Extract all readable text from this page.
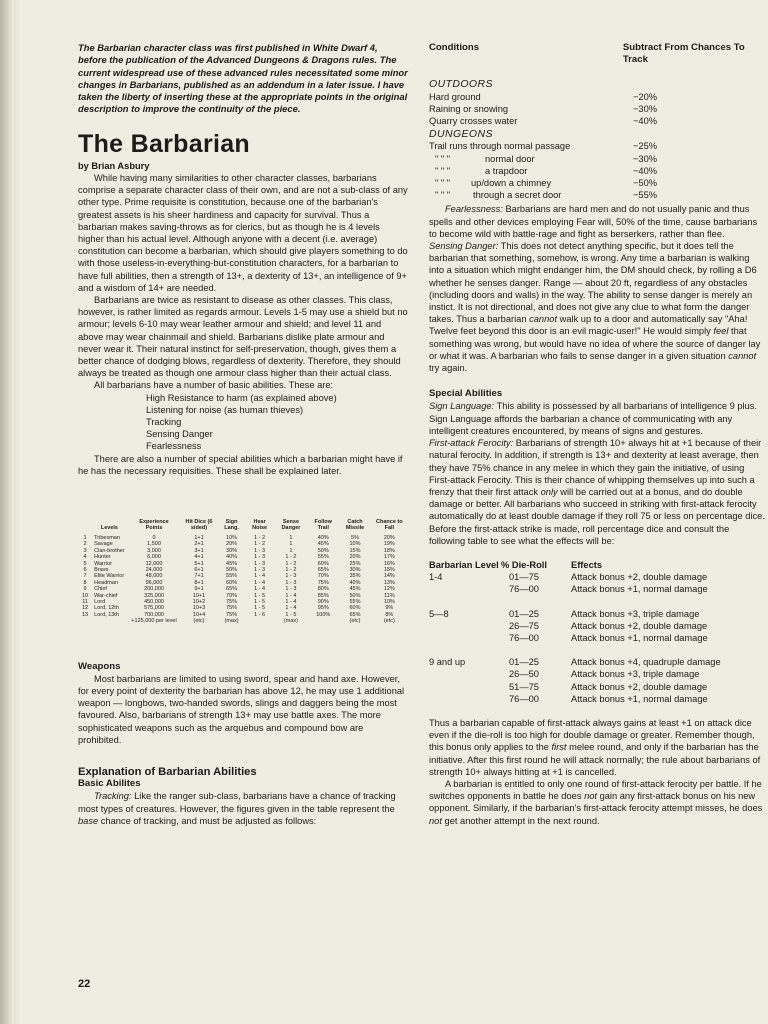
The Barbarian character class was first published in White Dwarf 4, before the publication of the Advanced Dungeons & Dragons rules. The current widespread use of these advanced rules necessitated some minor changes in Barbarians, published as an addendum in a later issue. I have taken the liberty of inserting these at the appropriate points in the original description to improve the continuity of the piece.

The Barbarian

by Brian Asbury

While having many similarities to other character classes, barbarians comprise a separate character class of their own, and are not a sub-class of any other type. Prime requisite is constitution, because one of the barbarian's greatest assets is his sheer hardiness and capacity for survival. Thus a barbarian makes saving-throws as for clerics, but as though he is 4 levels higher than his actual level. Although anyone with a decent (i.e. average) constitution can become a barbarian, which should give players something to do with those useless-in-everything-but-constitution characters, for a barbarian to have full abilities, then a strength of 13+, a dexterity of 13+, an intelligence of 9+ and a wisdom of 14+ are needed.

Barbarians are twice as resistant to disease as other classes. This class, however, is rather limited as regards armour. Levels 1-5 may use a shield but no armour; levels 6-10 may wear leather armour and shield; and level 11 and above may wear chainmail and shield. Barbarians dislike plate armour and never wear it. Their natural instinct for self-preservation, though, gives them a better chance of dodging blows, regardless of dexterity. Therefore, they should always be treated as though one armour class higher than their actual class.

All barbarians have a number of basic abilities. These are:

High Resistance to harm (as explained above)
Listening for noise (as human thieves)
Tracking
Sensing Danger
Fearlessness

There are also a number of special abilities which a barbarian might have if he has the necessary requisities. These shall be explained later.

	Levels	Experience Points	Hit Dice (6 sided)	Sign Lang.	Hear Noise	Sense Danger	Follow Trail	Catch Missile	Chance to Fall
1	Tribesman	0	1+1	10%	1 - 2	1	40%	5%	20%
2	Savage	1,500	2+1	20%	1 - 2	1	45%	10%	19%
3	Clan-brother	3,000	3+1	30%	1 - 3	1	50%	15%	18%
4	Hunter	6,000	4+1	40%	1 - 3	1 - 2	55%	20%	17%
5	Warrior	12,000	5+1	45%	1 - 3	1 - 2	60%	25%	16%
6	Brave	24,000	6+1	50%	1 - 3	1 - 2	65%	30%	15%
7	Elite Warrior	48,000	7+1	55%	1 - 4	1 - 3	70%	35%	14%
8	Headman	96,000	8+1	60%	1 - 4	1 - 3	75%	40%	13%
9	Chief	200,000	9+1	65%	1 - 4	1 - 3	80%	45%	12%
10	War-chief	325,000	10+1	70%	1 - 5	1 - 4	85%	50%	11%
11	Lord	450,000	10+2	75%	1 - 5	1 - 4	90%	55%	10%
12	Lord, 12th	575,000	10+3	75%	1 - 5	1 - 4	95%	60%	9%
13	Lord, 13th	700,000	10+4	75%	1 - 6	1 - 5	100%	65%	8%
		+125,000 per level	(etc)	(max)		(max)		(etc)	(etc)
Weapons

Most barbarians are limited to using sword, spear and hand axe. However, for every point of dexterity the barbarian has above 12, he may use 1 additional weapon — longbows, two-handed swords, slings and daggers being the most favoured. Also, barbarians of strength 13+ may use battle axes. The more sophisticated weapons such as the arquebus and compound bow are prohibited.

Explanation of Barbarian Abilities
Basic Abilites

Tracking: Like the ranger sub-class, barbarians have a chance of tracking most types of creatures. However, the figures given in the table represent the base chance of tracking, and must be adjusted as follows:

Conditions	Subtract From Chances To Track
OUTDOORS
Hard ground	−20%
Raining or snowing	−30%
Quarry crosses water	−40%
DUNGEONS
Trail runs through normal passage	−25%
" " "	normal door	−30%
" " "	a trapdoor	−40%
" " " up/down a chimney	−50%
" " " through a secret door	−55%

Fearlessness: Barbarians are hard men and do not usually panic and thus spells and other devices employing Fear will, 50% of the time, cause barbarians to become wild with battle-rage and fight as berserkers, rather than flee.

Sensing Danger: This does not detect anything specific, but it does tell the barbarian that something, somehow, is wrong. Any time a barbarian is walking into a situation which might endanger him, the DM should check, by rolling a D6 whether he senses danger. Range — about 20 ft, regardless of any obstacles (including doors and walls) in the way. The ability to sense danger is merely an instict. It is not directional, and does not give any clue to what form the danger takes. Thus a barbarian cannot walk up to a door and automatically say "Aha! Twelve feet beyond this door is an evil magic-user!" He would simply feel that something was wrong, but would have no idea of where the source of danger lay or what it was. A barbarian who fails to sense danger in a given situation cannot try again.

Special Abilities

Sign Language: This ability is possessed by all barbarians of intelligence 9 plus. Sign Language affords the barbarian a chance of communicating with any intelligent creatures encountered, by means of signs and gestures.

First-attack Ferocity: Barbarians of strength 10+ always hit at +1 because of their natural ferocity. In addition, if strength is 13+ and dexterity at least average, then they have 75% chance in any melee in which they gain the initiative, of using First-attack Ferocity. This is their chance of whipping themselves up into such a frenzy that their first attack only will be carried out at a bonus, and do double damage or better. All barbarians who succeed in striking with first-attack ferocity automatically do at least double damage if they roll 75 or less on percentage dice. Before the first-attack strike is made, roll percentage dice and consult the following table to see what the effects will be:

Barbarian Level	% Die-Roll	Effects
1-4	01—75	Attack bonus +2, double damage
	76—00	Attack bonus +1, normal damage

5—8	01—25	Attack bonus +3, triple damage
	26—75	Attack bonus +2, double damage
	76—00	Attack bonus +1, normal damage

9 and up	01—25	Attack bonus +4, quadruple damage
	26—50	Attack bonus +3, triple damage
	51—75	Attack bonus +2, double damage
	76—00	Attack bonus +1, normal damage

Thus a barbarian capable of first-attack always gains at least +1 on attack dice even if the die-roll is too high for double damage or greater. Remember though, this bonus only applies to the first melee round, and only if the barbarian has the initiative. After this first round he will attack normally; the rule about barbarians of strength 10+ always hitting at +1 is cancelled.

A barbarian is entitled to only one round of first-attack ferocity per battle. If he switches opponents in battle he does not gain any first-attack bonus on his new opponent. Similarly, if the barbarian's first-attack ferocity attempt misses, he does not get another attempt in the next round.

22
